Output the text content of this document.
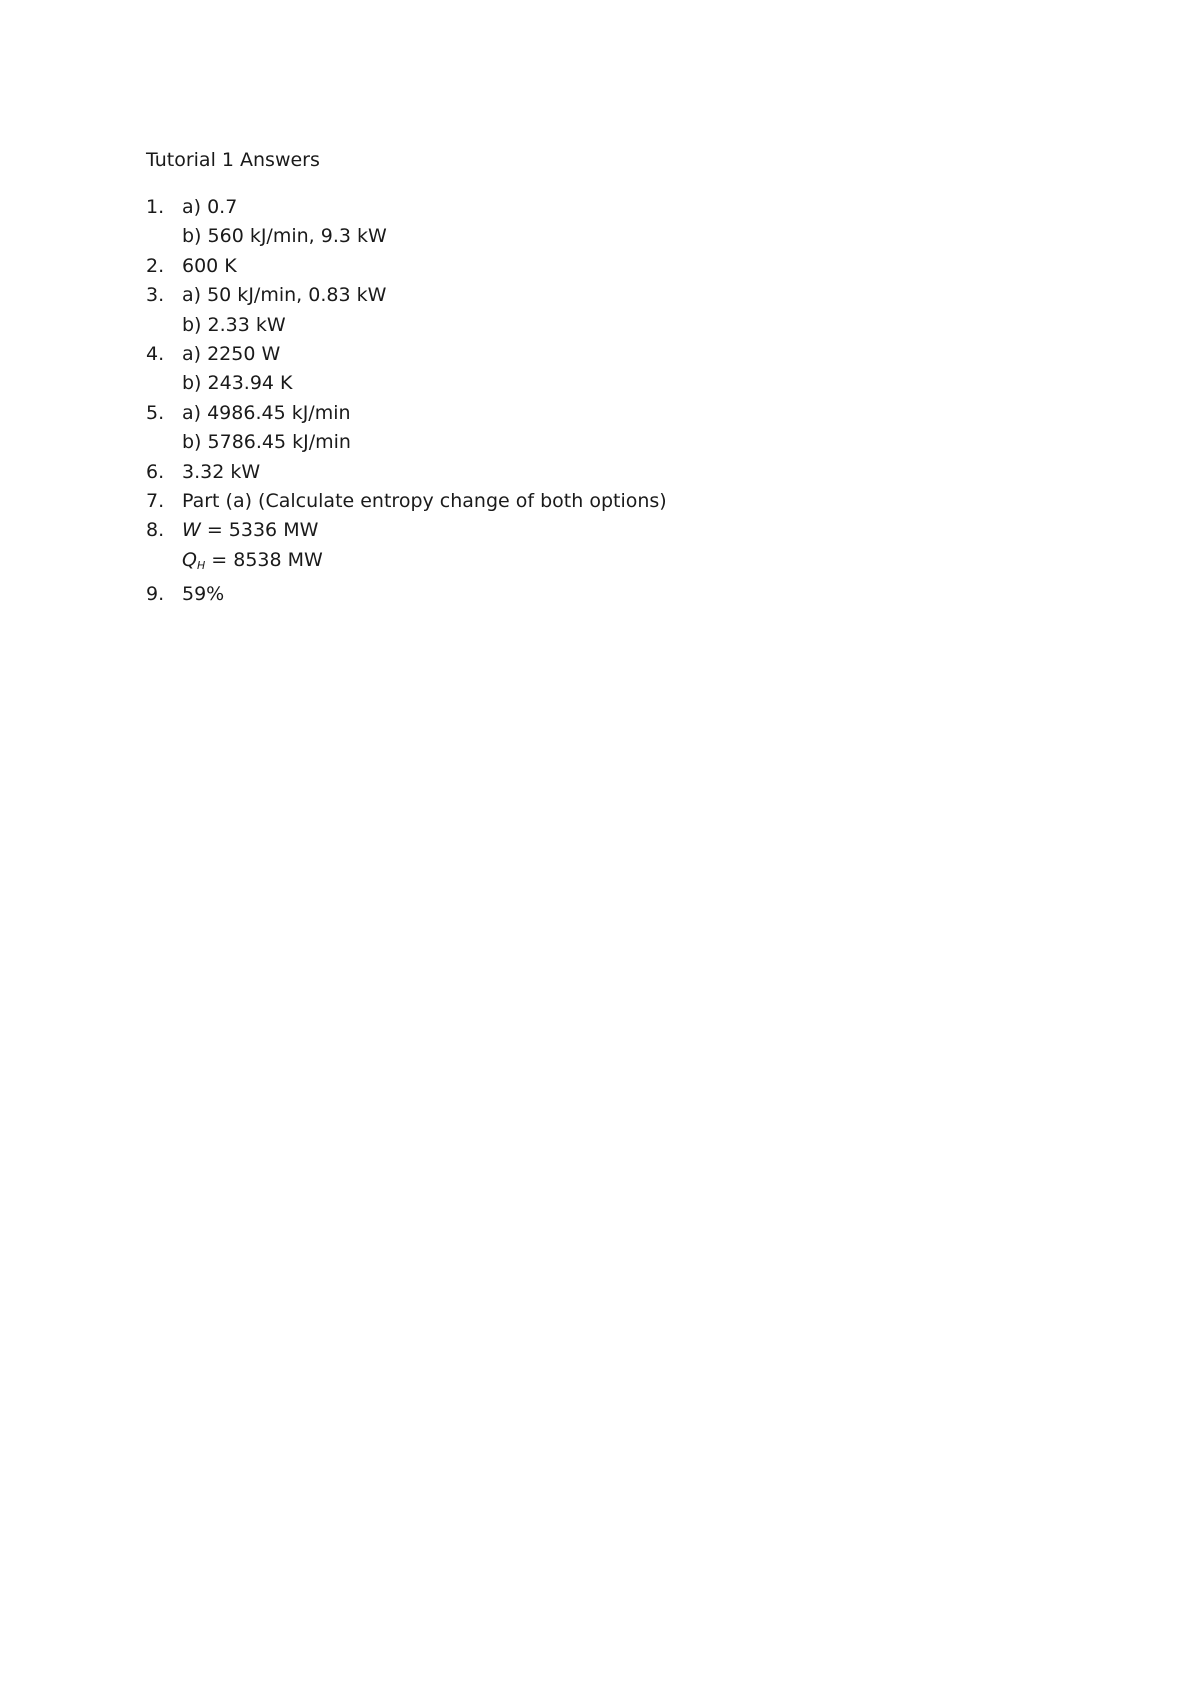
Tutorial 1 Answers
1. a) 0.7
b) 560 kJ/min, 9.3 kW
2. 600 K
3. a) 50 kJ/min, 0.83 kW
b) 2.33 kW
4. a) 2250 W
b) 243.94 K
5. a) 4986.45 kJ/min
b) 5786.45 kJ/min
6. 3.32 kW
7. Part (a) (Calculate entropy change of both options)
8. W = 5336 MW
$Q_H = 8538$ MW
9. 59%
